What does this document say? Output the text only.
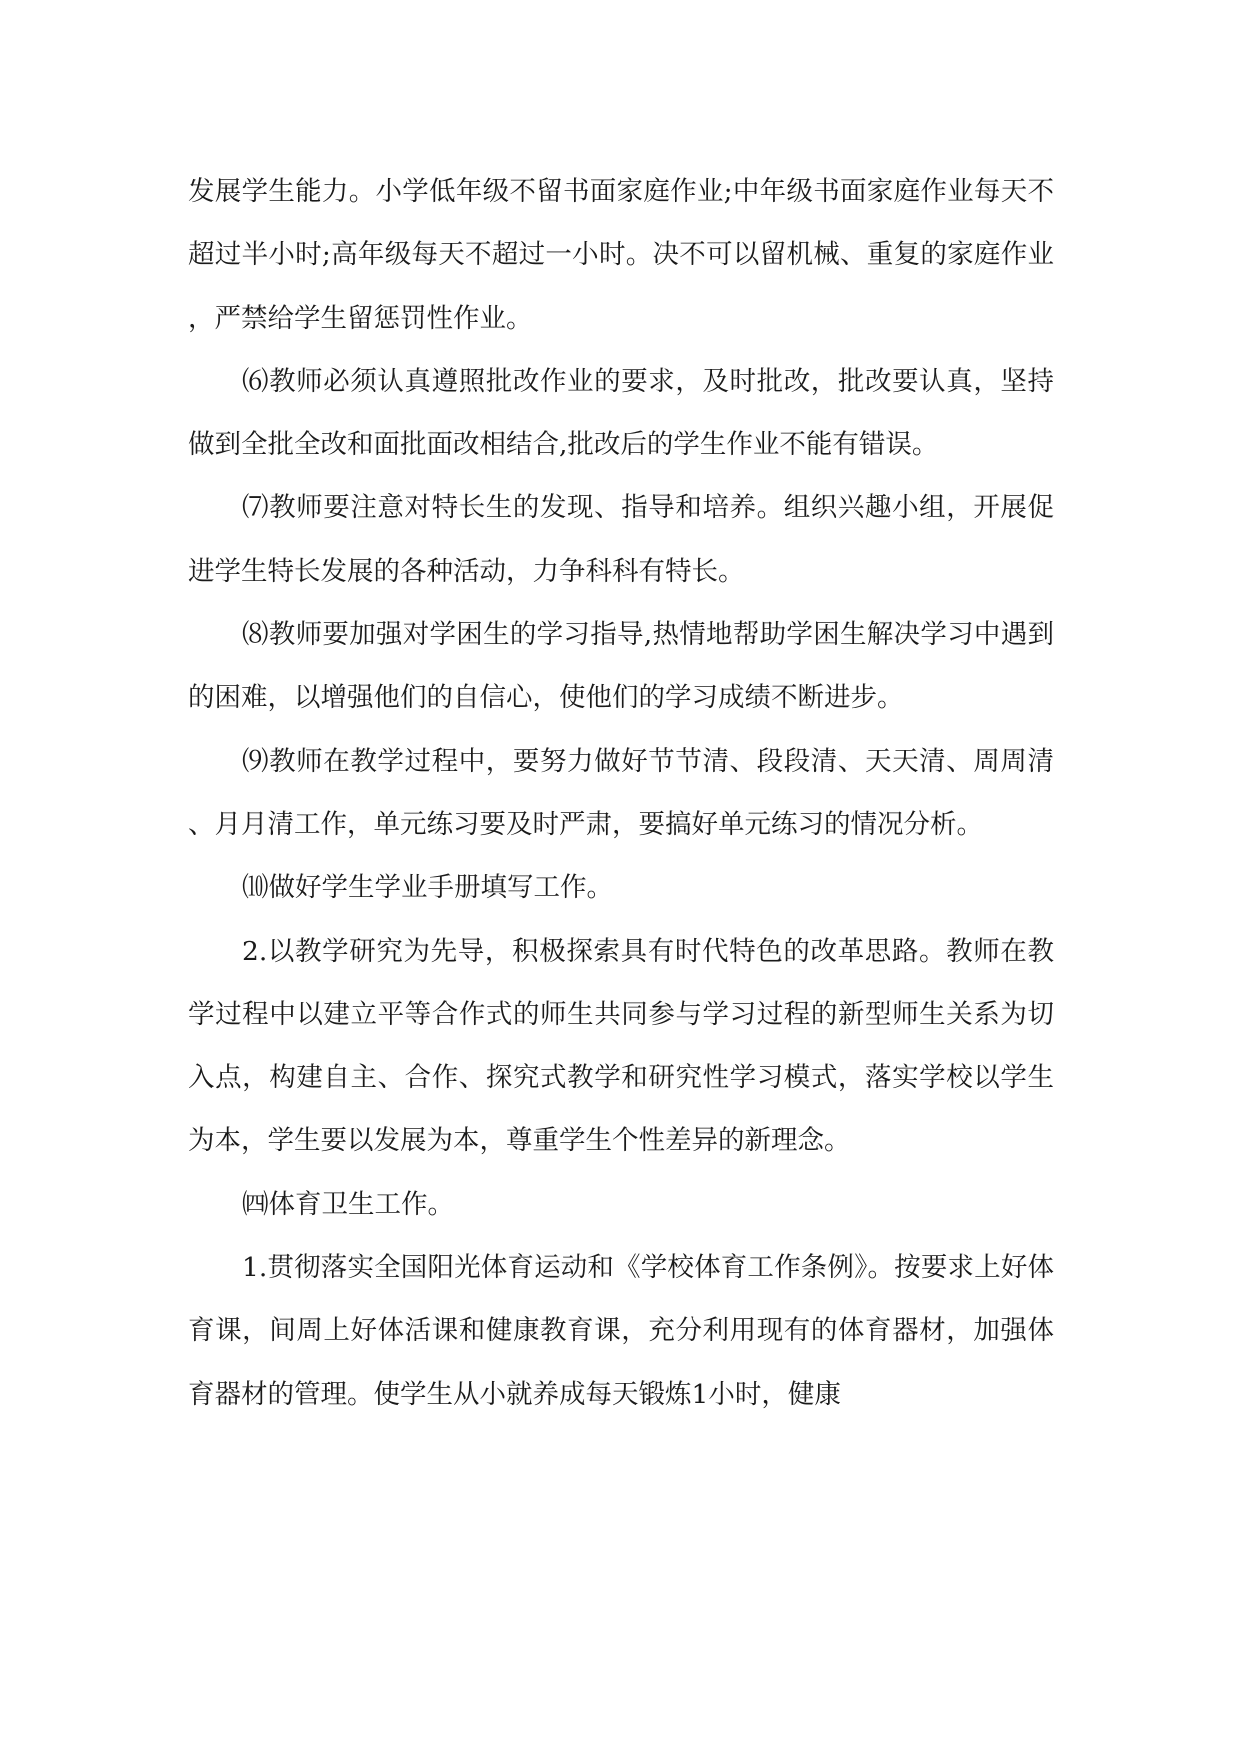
发展学生能力。小学低年级不留书面家庭作业;中年级书面家庭作业每天不超过半小时;高年级每天不超过一小时。决不可以留机械、重复的家庭作业，严禁给学生留惩罚性作业。

⑹教师必须认真遵照批改作业的要求，及时批改，批改要认真，坚持做到全批全改和面批面改相结合,批改后的学生作业不能有错误。

⑺教师要注意对特长生的发现、指导和培养。组织兴趣小组，开展促进学生特长发展的各种活动，力争科科有特长。

⑻教师要加强对学困生的学习指导,热情地帮助学困生解决学习中遇到的困难，以增强他们的自信心，使他们的学习成绩不断进步。

⑼教师在教学过程中，要努力做好节节清、段段清、天天清、周周清、月月清工作，单元练习要及时严肃，要搞好单元练习的情况分析。

⑽做好学生学业手册填写工作。

2.以教学研究为先导，积极探索具有时代特色的改革思路。教师在教学过程中以建立平等合作式的师生共同参与学习过程的新型师生关系为切入点，构建自主、合作、探究式教学和研究性学习模式，落实学校以学生为本，学生要以发展为本，尊重学生个性差异的新理念。

㈣体育卫生工作。

1.贯彻落实全国阳光体育运动和《学校体育工作条例》。按要求上好体育课，间周上好体活课和健康教育课，充分利用现有的体育器材，加强体育器材的管理。使学生从小就养成每天锻炼1小时，健康
